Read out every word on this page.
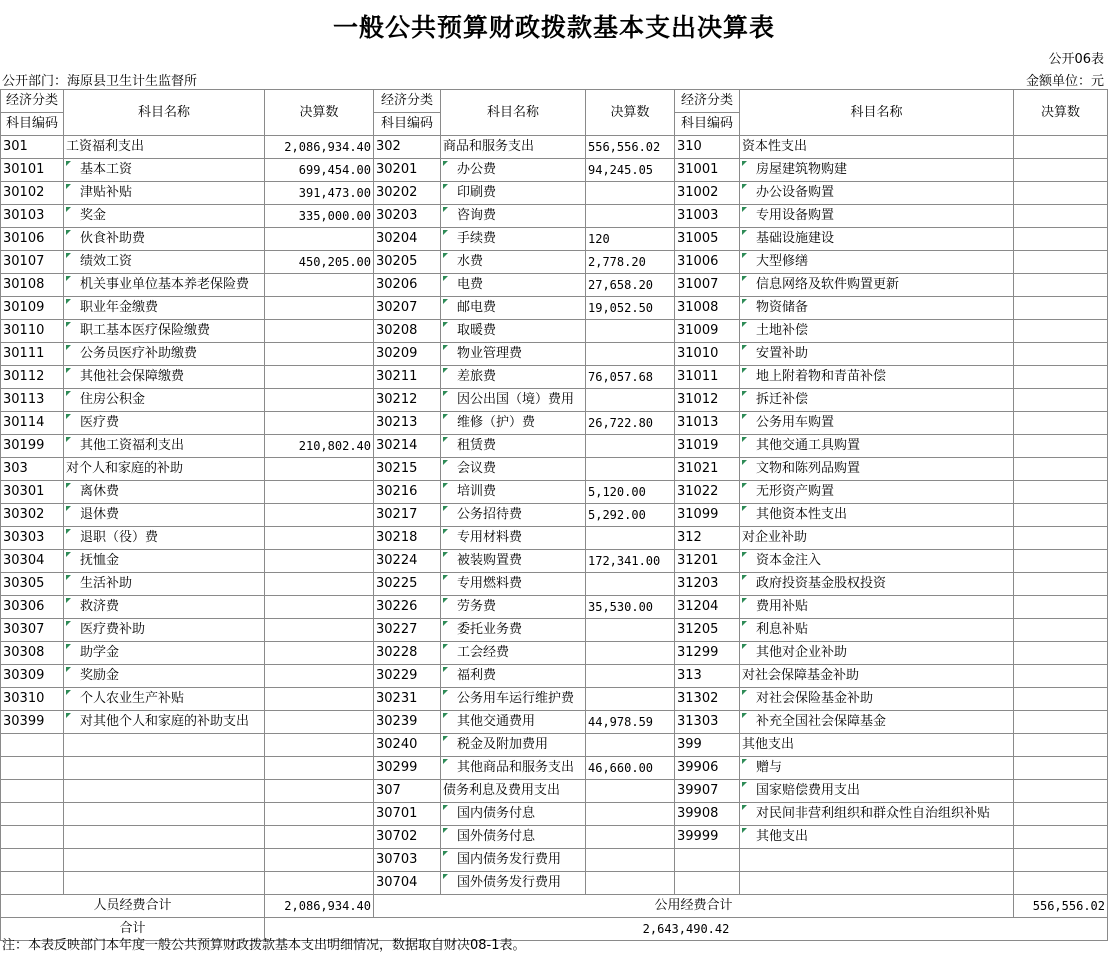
一般公共预算财政拨款基本支出决算表
公开06表
公开部门：海原县卫生计生监督所	金额单位：元
经济分类	科目名称	决算数	经济分类	科目名称	决算数	经济分类	科目名称	决算数
科目编码			科目编码			科目编码		
301	工资福利支出	2,086,934.40	302	商品和服务支出	556,556.02	310	资本性支出	
30101	基本工资	699,454.00	30201	办公费	94,245.05	31001	房屋建筑物购建	
30102	津贴补贴	391,473.00	30202	印刷费		31002	办公设备购置	
30103	奖金	335,000.00	30203	咨询费		31003	专用设备购置	
30106	伙食补助费		30204	手续费	120	31005	基础设施建设	
30107	绩效工资	450,205.00	30205	水费	2,778.20	31006	大型修缮	
30108	机关事业单位基本养老保险费		30206	电费	27,658.20	31007	信息网络及软件购置更新	
30109	职业年金缴费		30207	邮电费	19,052.50	31008	物资储备	
30110	职工基本医疗保险缴费		30208	取暖费		31009	土地补偿	
30111	公务员医疗补助缴费		30209	物业管理费		31010	安置补助	
30112	其他社会保障缴费		30211	差旅费	76,057.68	31011	地上附着物和青苗补偿	
30113	住房公积金		30212	因公出国（境）费用		31012	拆迁补偿	
30114	医疗费		30213	维修（护）费	26,722.80	31013	公务用车购置	
30199	其他工资福利支出	210,802.40	30214	租赁费		31019	其他交通工具购置	
303	对个人和家庭的补助		30215	会议费		31021	文物和陈列品购置	
30301	离休费		30216	培训费	5,120.00	31022	无形资产购置	
30302	退休费		30217	公务招待费	5,292.00	31099	其他资本性支出	
30303	退职（役）费		30218	专用材料费		312	对企业补助	
30304	抚恤金		30224	被装购置费	172,341.00	31201	资本金注入	
30305	生活补助		30225	专用燃料费		31203	政府投资基金股权投资	
30306	救济费		30226	劳务费	35,530.00	31204	费用补贴	
30307	医疗费补助		30227	委托业务费		31205	利息补贴	
30308	助学金		30228	工会经费		31299	其他对企业补助	
30309	奖励金		30229	福利费		313	对社会保障基金补助	
30310	个人农业生产补贴		30231	公务用车运行维护费		31302	对社会保险基金补助	
30399	对其他个人和家庭的补助支出		30239	其他交通费用	44,978.59	31303	补充全国社会保障基金	
			30240	税金及附加费用		399	其他支出	
			30299	其他商品和服务支出	46,660.00	39906	赠与	
			307	债务利息及费用支出		39907	国家赔偿费用支出	
			30701	国内债务付息		39908	对民间非营利组织和群众性自治组织补贴	
			30702	国外债务付息		39999	其他支出	
			30703	国内债务发行费用				
			30704	国外债务发行费用				
人员经费合计		2,086,934.40	公用经费合计					556,556.02
合计		2,643,490.42						
注：本表反映部门本年度一般公共预算财政拨款基本支出明细情况，数据取自财决08-1表。
